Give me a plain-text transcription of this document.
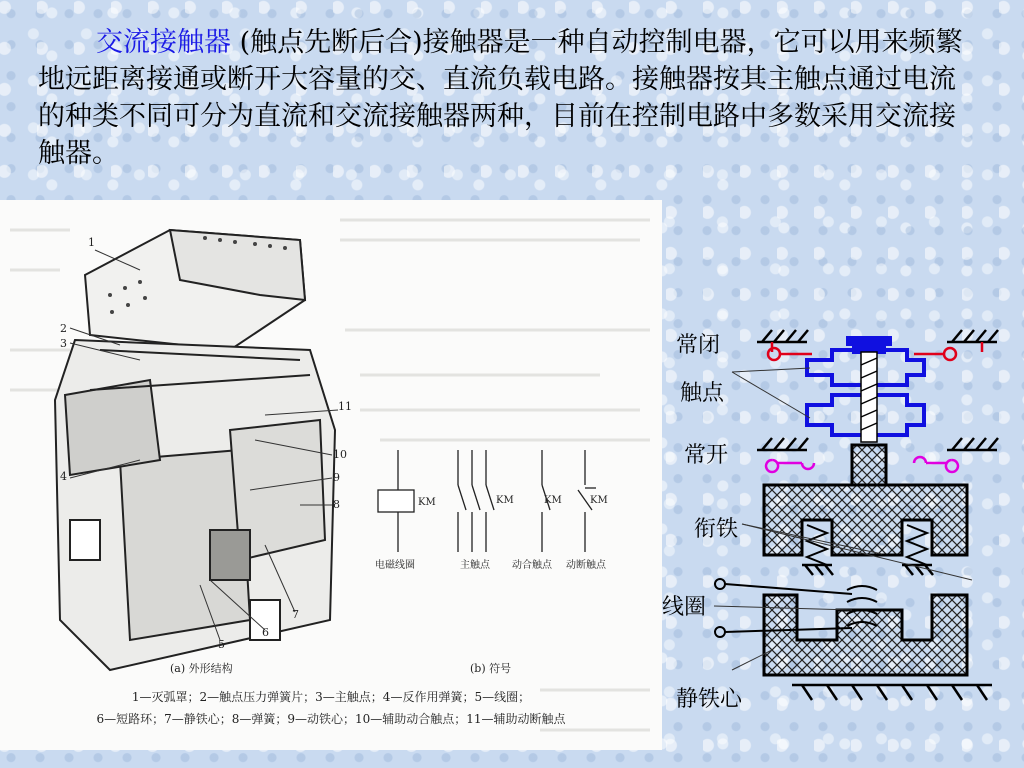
交流接触器 (触点先断后合)接触器是一种自动控制电器，它可以用来频繁地远距离接通或断开大容量的交、直流负载电路。接触器按其主触点通过电流的种类不同可分为直流和交流接触器两种，目前在控制电路中多数采用交流接触器。

1
2
3
11
10
9
8
4
6
7
5
KM	KM	KM	KM
电磁线圈	主触点 动合触点 动断触点
(a) 外形结构	(b) 符号
1—灭弧罩；2—触点压力弹簧片；3—主触点；4—反作用弹簧；5—线圈；
6—短路环；7—静铁心；8—弹簧；9—动铁心；10—辅助动合触点；11—辅助动断触点
常闭
触点
常开
衔铁
线圈
静铁心
